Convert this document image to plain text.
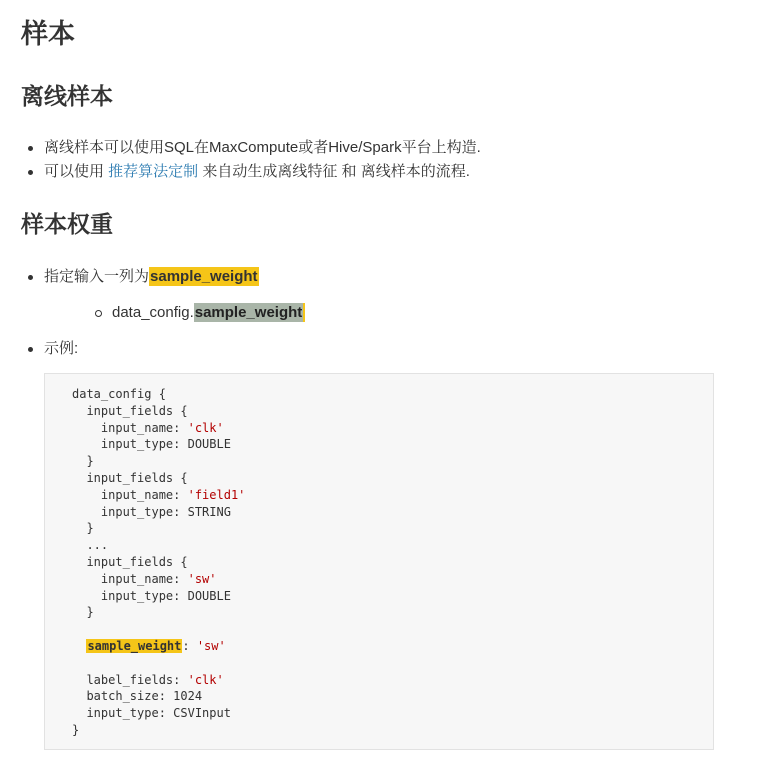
样本
离线样本
离线样本可以使用SQL在MaxCompute或者Hive/Spark平台上构造.
可以使用 推荐算法定制 来自动生成离线特征 和 离线样本的流程.
样本权重
指定输入一列为sample_weight
data_config.sample_weight
示例:
data_config {
input_fields {
input_name: 'clk'
input_type: DOUBLE
}
input_fields {
input_name: 'field1'
input_type: STRING
}
...
input_fields {
input_name: 'sw'
input_type: DOUBLE
}
sample_weight: 'sw'
label_fields: 'clk'
batch_size: 1024
input_type: CSVInput
}
